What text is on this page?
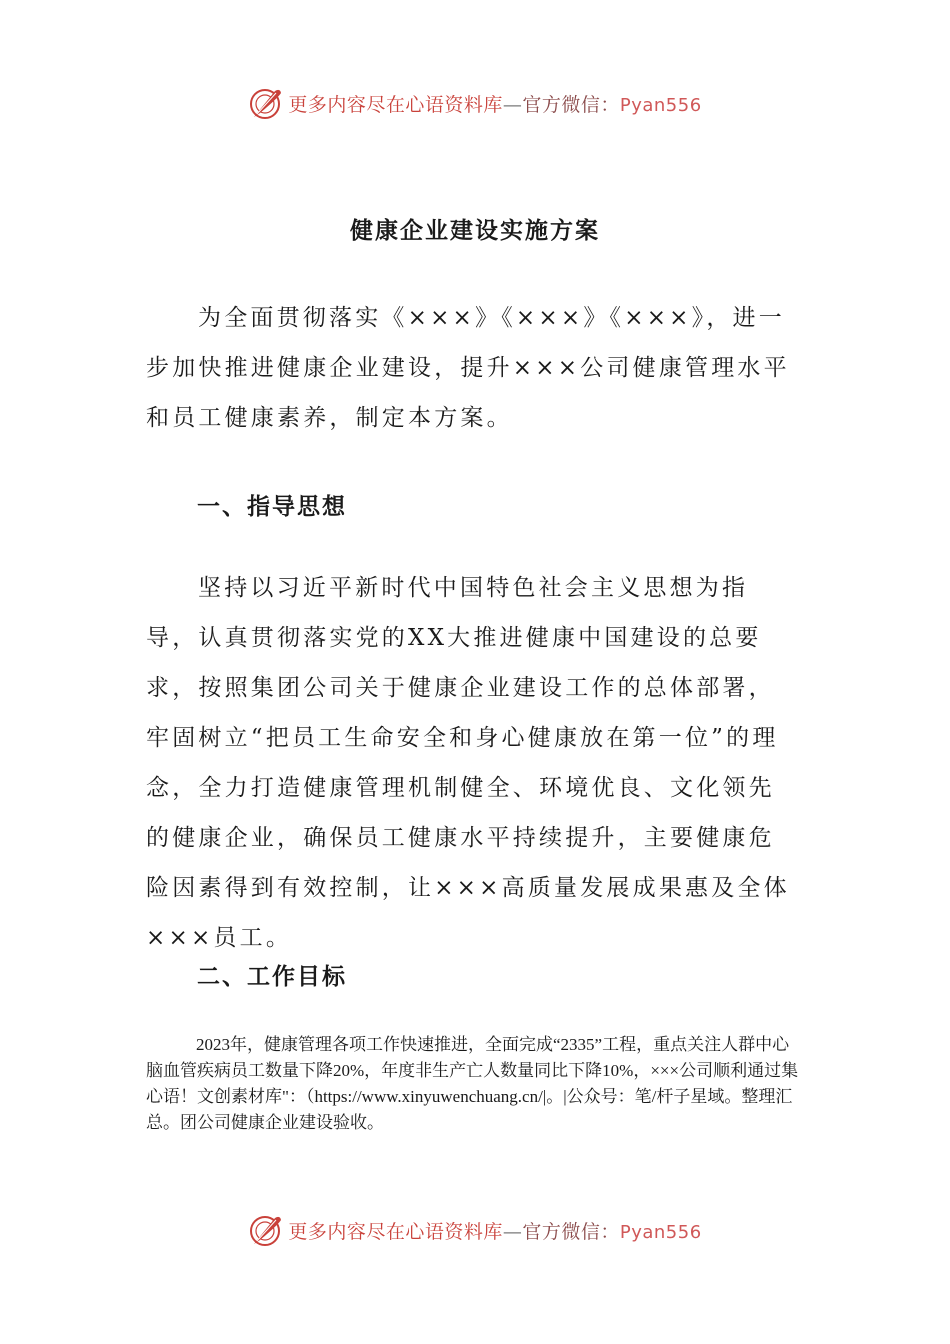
更多内容尽在心语资料库—官方微信：Pyan556
健康企业建设实施方案

为全面贯彻落实《×××》《×××》《×××》，进一步加快推进健康企业建设，提升×××公司健康管理水平和员工健康素养，制定本方案。

一、指导思想

坚持以习近平新时代中国特色社会主义思想为指导，认真贯彻落实党的XX大推进健康中国建设的总要求，按照集团公司关于健康企业建设工作的总体部署，牢固树立“把员工生命安全和身心健康放在第一位”的理念，全力打造健康管理机制健全、环境优良、文化领先的健康企业，确保员工健康水平持续提升，主要健康危险因素得到有效控制，让×××高质量发展成果惠及全体×××员工。

二、工作目标

2023年，健康管理各项工作快速推进，全面完成“2335”工程，重点关注人群中心脑血管疾病员工数量下降20%，年度非生产亡人数量同比下降10%，×××公司顺利通过集心语！文创素材库"：（https://www.xinyuwenchuang.cn/|。|公众号：笔/杆子星域。整理汇总。团公司健康企业建设验收。

更多内容尽在心语资料库—官方微信：Pyan556
